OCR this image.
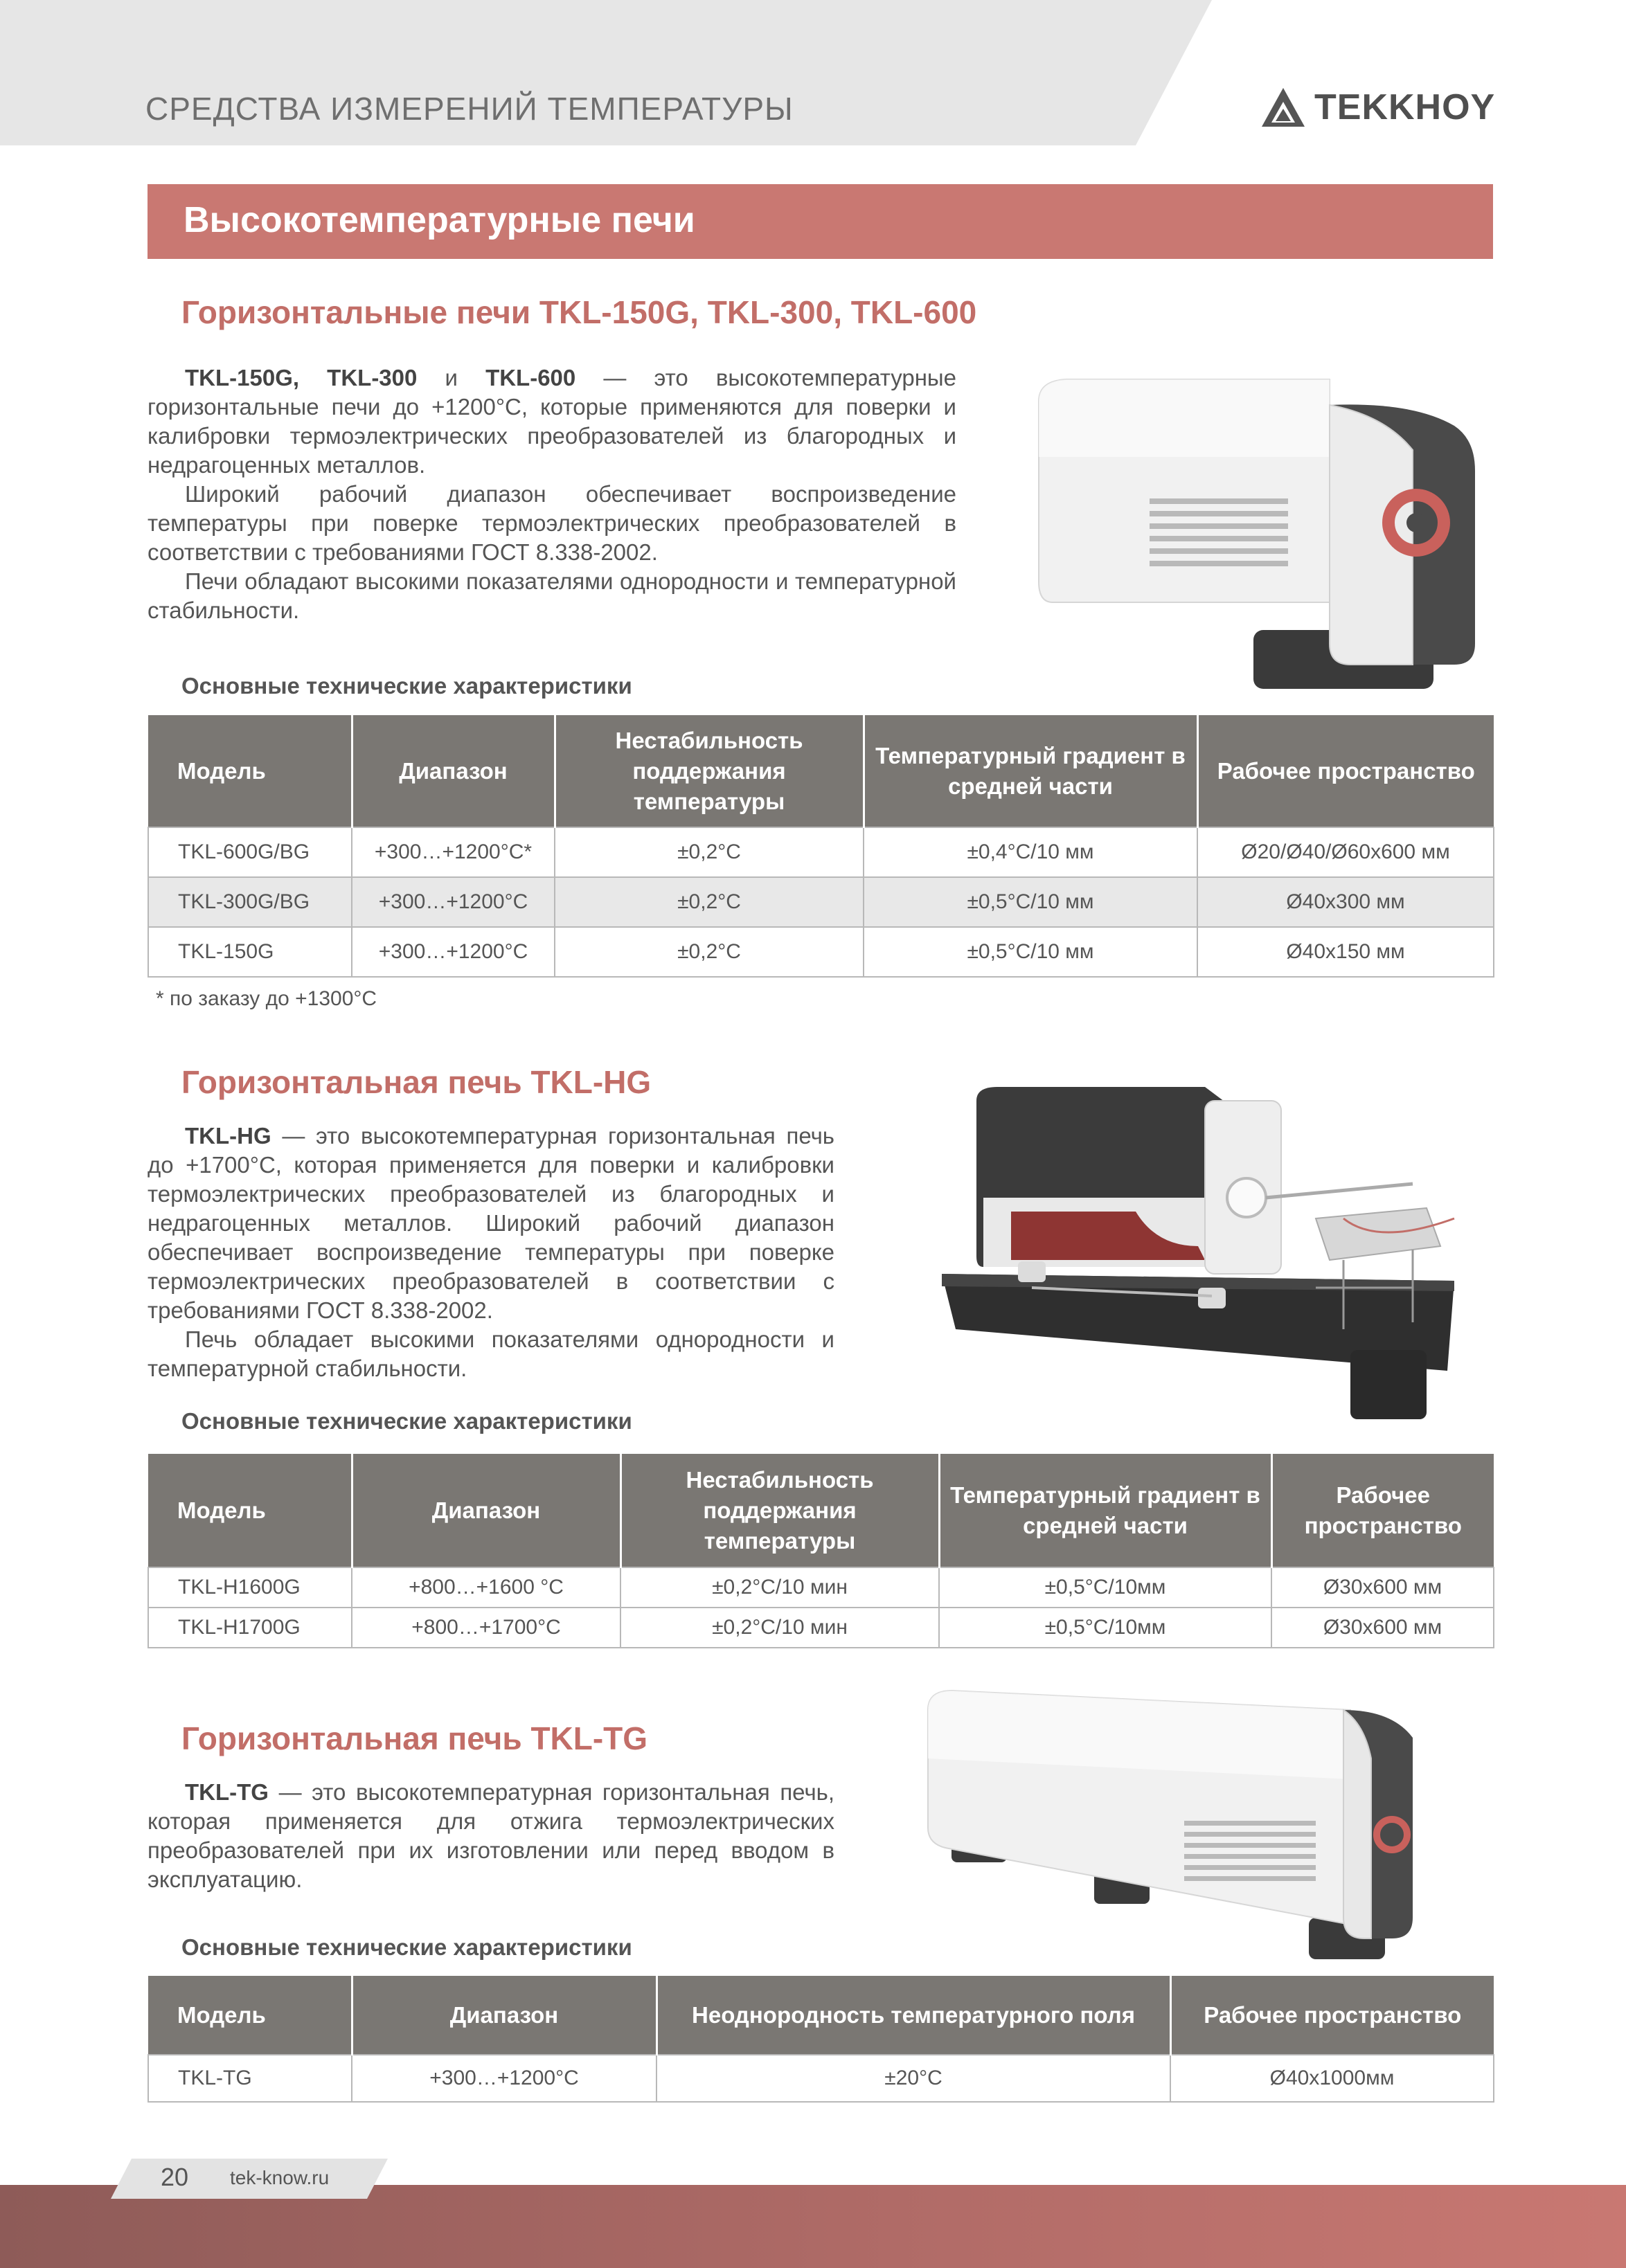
СРЕДСТВА ИЗМЕРЕНИЙ ТЕМПЕРАТУРЫ	TEKKHOY
Высокотемпературные печи
Горизонтальные печи TKL-150G, TKL-300, TKL-600

TKL-150G, TKL-300 и TKL-600 — это высокотемпературные горизонтальные печи до +1200°С, которые применяются для поверки и калибровки термоэлектрических преобразователей из благородных и недрагоценных металлов.

Широкий рабочий диапазон обеспечивает воспроизведение температуры при поверке термоэлектрических преобразователей в соответствии с требованиями ГОСТ 8.338-2002.

Печи обладают высокими показателями однородности и температурной стабильности.

Основные технические характеристики
Модель	Диапазон	Нестабильность поддержания температуры	Температурный градиент в средней части	Рабочее пространство
TKL-600G/BG	+300…+1200°С*	±0,2°С	±0,4°С/10 мм	Ø20/Ø40/Ø60х600 мм
TKL-300G/BG	+300…+1200°С	±0,2°С	±0,5°С/10 мм	Ø40х300 мм
TKL-150G	+300…+1200°С	±0,2°С	±0,5°С/10 мм	Ø40х150 мм
* по заказу до +1300°С
Горизонтальная печь TKL-HG

TKL-HG — это высокотемпературная горизонтальная печь до +1700°С, которая применяется для поверки и калибровки термоэлектрических преобразователей из благородных и недрагоценных металлов. Широкий рабочий диапазон обеспечивает воспроизведение температуры при поверке термоэлектрических преобразователей в соответствии с требованиями ГОСТ 8.338-2002.

Печь обладает высокими показателями однородности и температурной стабильности.

Основные технические характеристики
Модель	Диапазон	Нестабильность поддержания температуры	Температурный градиент в средней части	Рабочее пространство
TKL-H1600G	+800…+1600 °С	±0,2°С/10 мин	±0,5°С/10мм	Ø30х600 мм
TKL-H1700G	+800…+1700°С	±0,2°С/10 мин	±0,5°С/10мм	Ø30х600 мм
Горизонтальная печь TKL-TG

TKL-TG — это высокотемпературная горизонтальная печь, которая применяется для отжига термоэлектрических преобразователей при их изготовлении или перед вводом в эксплуатацию.

Основные технические характеристики
Модель	Диапазон	Неоднородность температурного поля	Рабочее пространство
TKL-TG	+300…+1200°С	±20°С	Ø40х1000мм
20 tek-know.ru
